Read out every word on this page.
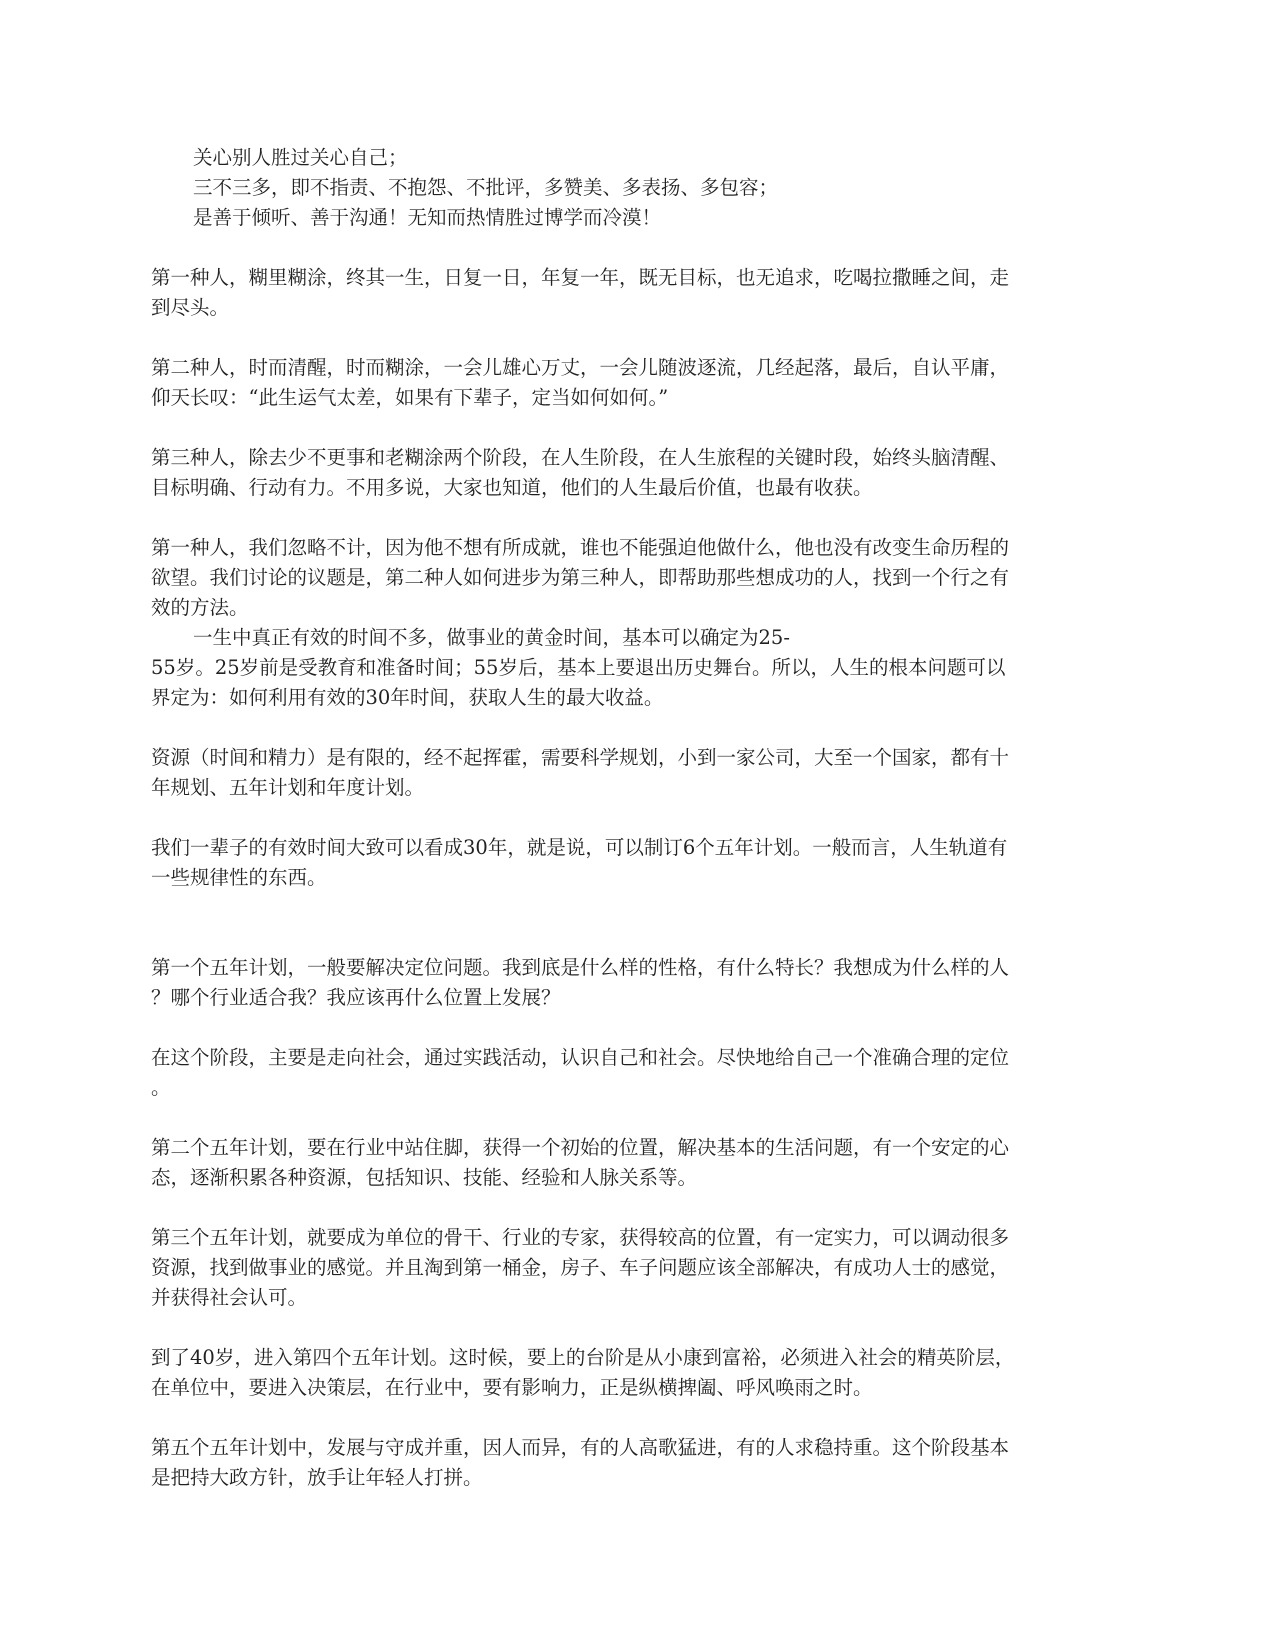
关心别人胜过关心自己；
三不三多，即不指责、不抱怨、不批评，多赞美、多表扬、多包容；
是善于倾听、善于沟通！无知而热情胜过博学而冷漠！
第一种人，糊里糊涂，终其一生，日复一日，年复一年，既无目标，也无追求，吃喝拉撒睡之间，走
到尽头。
第二种人，时而清醒，时而糊涂，一会儿雄心万丈，一会儿随波逐流，几经起落，最后，自认平庸，
仰天长叹：“此生运气太差，如果有下辈子，定当如何如何。”
第三种人，除去少不更事和老糊涂两个阶段，在人生阶段，在人生旅程的关键时段，始终头脑清醒、
目标明确、行动有力。不用多说，大家也知道，他们的人生最后价值，也最有收获。
第一种人，我们忽略不计，因为他不想有所成就，谁也不能强迫他做什么，他也没有改变生命历程的
欲望。我们讨论的议题是，第二种人如何进步为第三种人，即帮助那些想成功的人，找到一个行之有
效的方法。
一生中真正有效的时间不多，做事业的黄金时间，基本可以确定为25-
55岁。25岁前是受教育和准备时间；55岁后，基本上要退出历史舞台。所以，人生的根本问题可以
界定为：如何利用有效的30年时间，获取人生的最大收益。
资源（时间和精力）是有限的，经不起挥霍，需要科学规划，小到一家公司，大至一个国家，都有十
年规划、五年计划和年度计划。
我们一辈子的有效时间大致可以看成30年，就是说，可以制订6个五年计划。一般而言，人生轨道有
一些规律性的东西。
第一个五年计划，一般要解决定位问题。我到底是什么样的性格，有什么特长？我想成为什么样的人
？哪个行业适合我？我应该再什么位置上发展？
在这个阶段，主要是走向社会，通过实践活动，认识自己和社会。尽快地给自己一个准确合理的定位
。
第二个五年计划，要在行业中站住脚，获得一个初始的位置，解决基本的生活问题，有一个安定的心
态，逐渐积累各种资源，包括知识、技能、经验和人脉关系等。
第三个五年计划，就要成为单位的骨干、行业的专家，获得较高的位置，有一定实力，可以调动很多
资源，找到做事业的感觉。并且淘到第一桶金，房子、车子问题应该全部解决，有成功人士的感觉，
并获得社会认可。
到了40岁，进入第四个五年计划。这时候，要上的台阶是从小康到富裕，必须进入社会的精英阶层，
在单位中，要进入决策层，在行业中，要有影响力，正是纵横捭阖、呼风唤雨之时。
第五个五年计划中，发展与守成并重，因人而异，有的人高歌猛进，有的人求稳持重。这个阶段基本
是把持大政方针，放手让年轻人打拼。
